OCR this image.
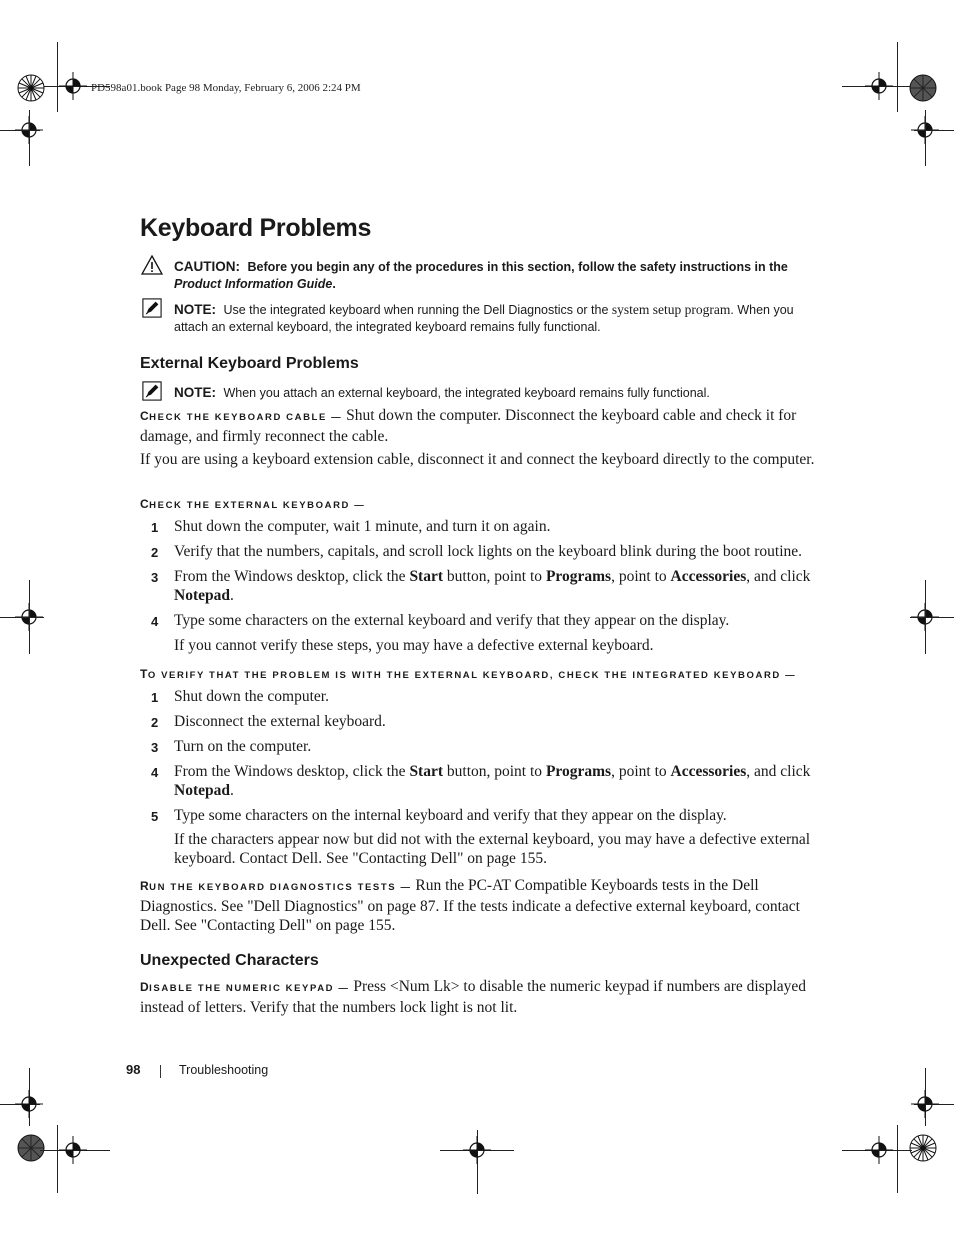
PD598a01.book Page 98 Monday, February 6, 2006 2:24 PM
Keyboard Problems
CAUTION: Before you begin any of the procedures in this section, follow the safety instructions in the Product Information Guide.
NOTE: Use the integrated keyboard when running the Dell Diagnostics or the system setup program. When you attach an external keyboard, the integrated keyboard remains fully functional.
External Keyboard Problems
NOTE: When you attach an external keyboard, the integrated keyboard remains fully functional.
CHECK THE KEYBOARD CABLE — Shut down the computer. Disconnect the keyboard cable and check it for damage, and firmly reconnect the cable.
If you are using a keyboard extension cable, disconnect it and connect the keyboard directly to the computer.
CHECK THE EXTERNAL KEYBOARD —
1 Shut down the computer, wait 1 minute, and turn it on again.
2 Verify that the numbers, capitals, and scroll lock lights on the keyboard blink during the boot routine.
3 From the Windows desktop, click the Start button, point to Programs, point to Accessories, and click Notepad.
4 Type some characters on the external keyboard and verify that they appear on the display.
If you cannot verify these steps, you may have a defective external keyboard.
TO VERIFY THAT THE PROBLEM IS WITH THE EXTERNAL KEYBOARD, CHECK THE INTEGRATED KEYBOARD —
1 Shut down the computer.
2 Disconnect the external keyboard.
3 Turn on the computer.
4 From the Windows desktop, click the Start button, point to Programs, point to Accessories, and click Notepad.
5 Type some characters on the internal keyboard and verify that they appear on the display.
If the characters appear now but did not with the external keyboard, you may have a defective external keyboard. Contact Dell. See "Contacting Dell" on page 155.
RUN THE KEYBOARD DIAGNOSTICS TESTS — Run the PC-AT Compatible Keyboards tests in the Dell Diagnostics. See "Dell Diagnostics" on page 87. If the tests indicate a defective external keyboard, contact Dell. See "Contacting Dell" on page 155.
Unexpected Characters
DISABLE THE NUMERIC KEYPAD — Press <Num Lk> to disable the numeric keypad if numbers are displayed instead of letters. Verify that the numbers lock light is not lit.
98	Troubleshooting
